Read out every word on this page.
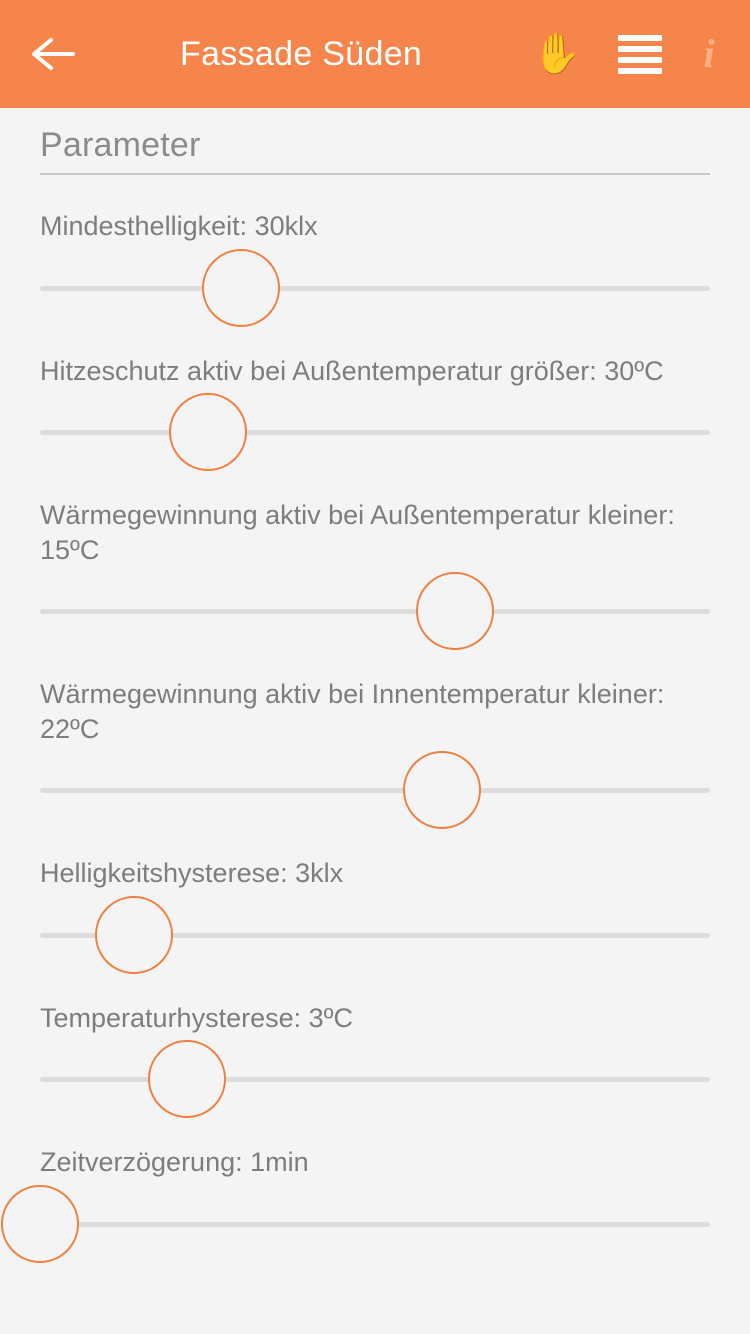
Fassade Süden	✋	i
Parameter
Mindesthelligkeit: 30klx
Hitzeschutz aktiv bei Außentemperatur größer: 30ºC
Wärmegewinnung aktiv bei Außentemperatur kleiner: 15ºC
Wärmegewinnung aktiv bei Innentemperatur kleiner: 22ºC
Helligkeitshysterese: 3klx
Temperaturhysterese: 3ºC
Zeitverzögerung: 1min
